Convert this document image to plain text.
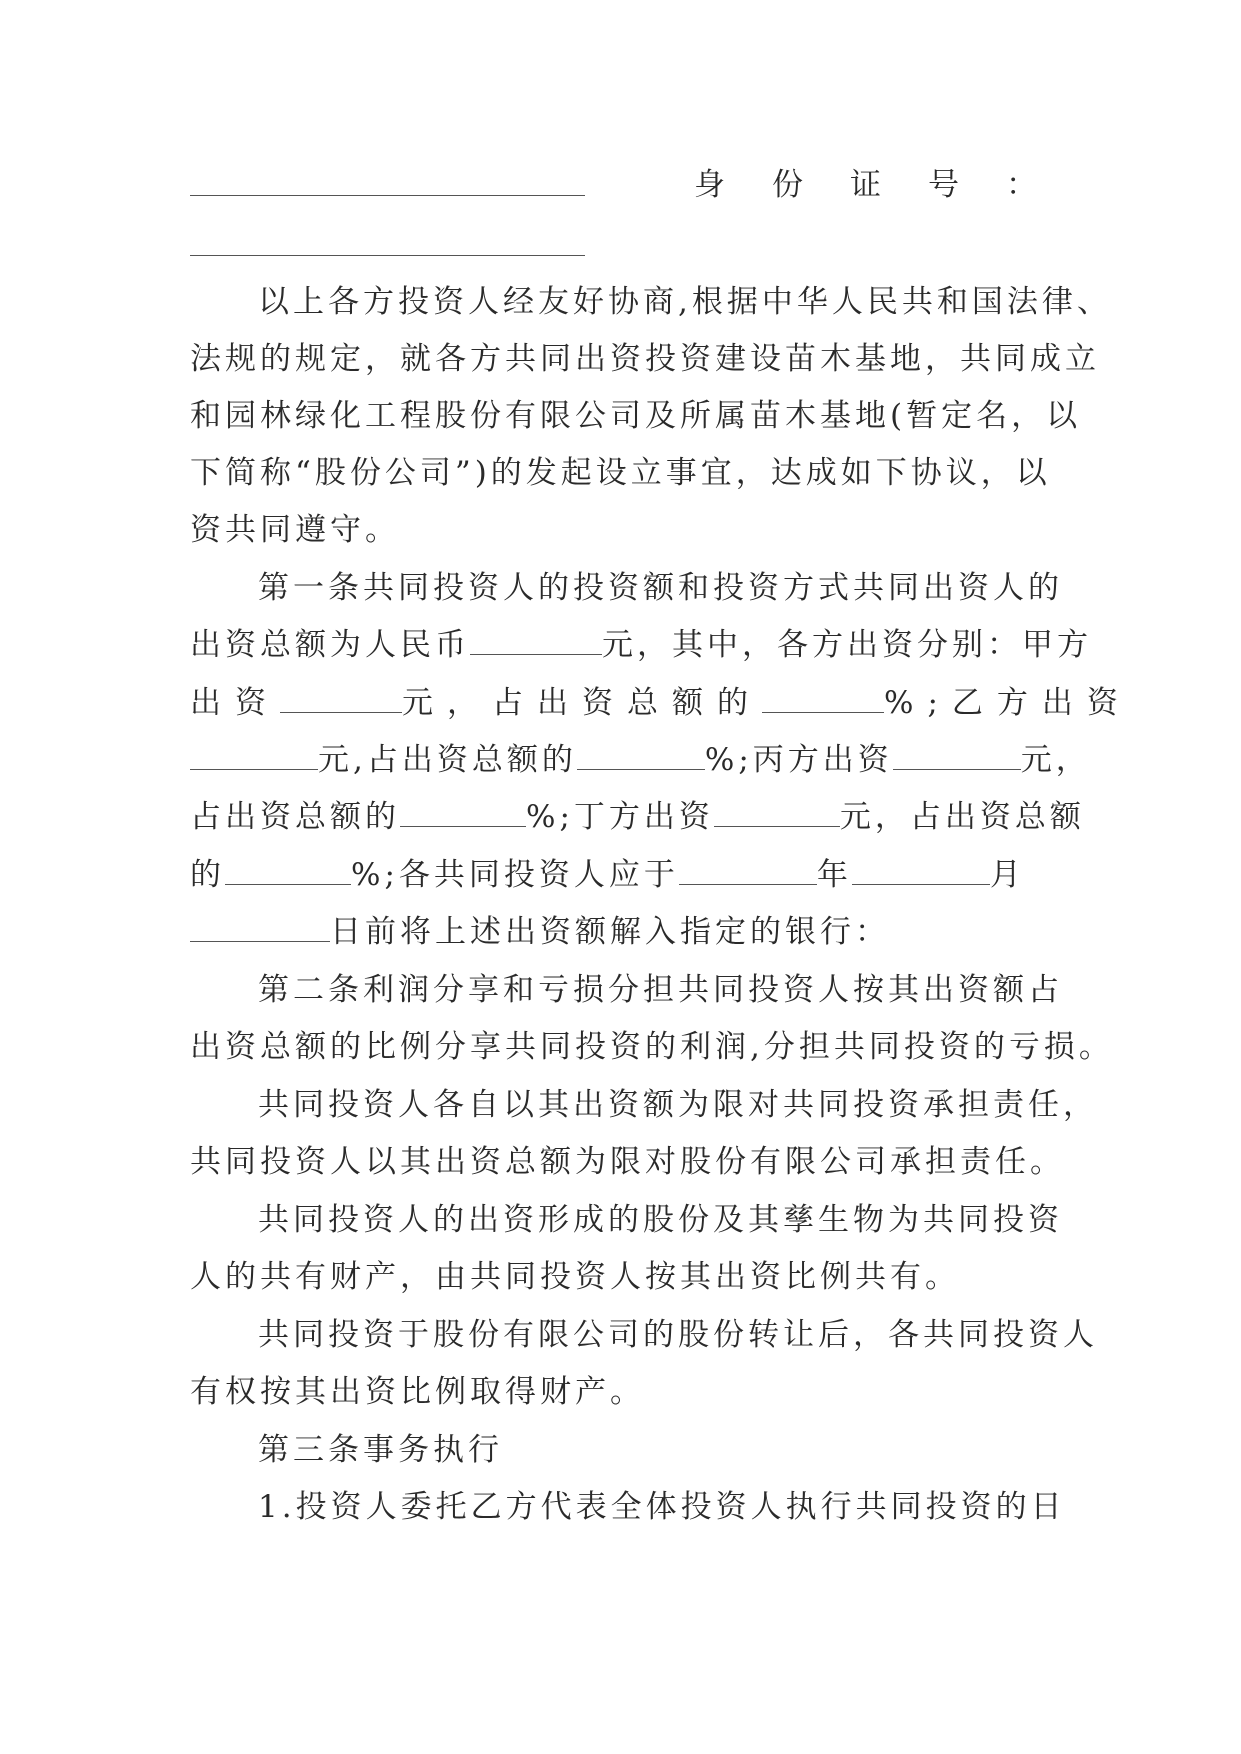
身 份 证 号 ：
以上各方投资人经友好协商,根据中华人民共和国法律、
法规的规定，就各方共同出资投资建设苗木基地，共同成立
和园林绿化工程股份有限公司及所属苗木基地(暂定名，以
下简称“股份公司”)的发起设立事宜，达成如下协议，以
资共同遵守。
第一条共同投资人的投资额和投资方式共同出资人的
出资总额为人民币	元，其中，各方出资分别：甲方
出资	元，占出资总额的	%;乙方出资
元,占出资总额的	%;丙方出资	元，
占出资总额的	%;丁方出资	元，占出资总额
的	%;各共同投资人应于	年	月
日前将上述出资额解入指定的银行：
第二条利润分享和亏损分担共同投资人按其出资额占
出资总额的比例分享共同投资的利润,分担共同投资的亏损。
共同投资人各自以其出资额为限对共同投资承担责任，
共同投资人以其出资总额为限对股份有限公司承担责任。
共同投资人的出资形成的股份及其孳生物为共同投资
人的共有财产，由共同投资人按其出资比例共有。
共同投资于股份有限公司的股份转让后，各共同投资人
有权按其出资比例取得财产。
第三条事务执行
1.投资人委托乙方代表全体投资人执行共同投资的日
